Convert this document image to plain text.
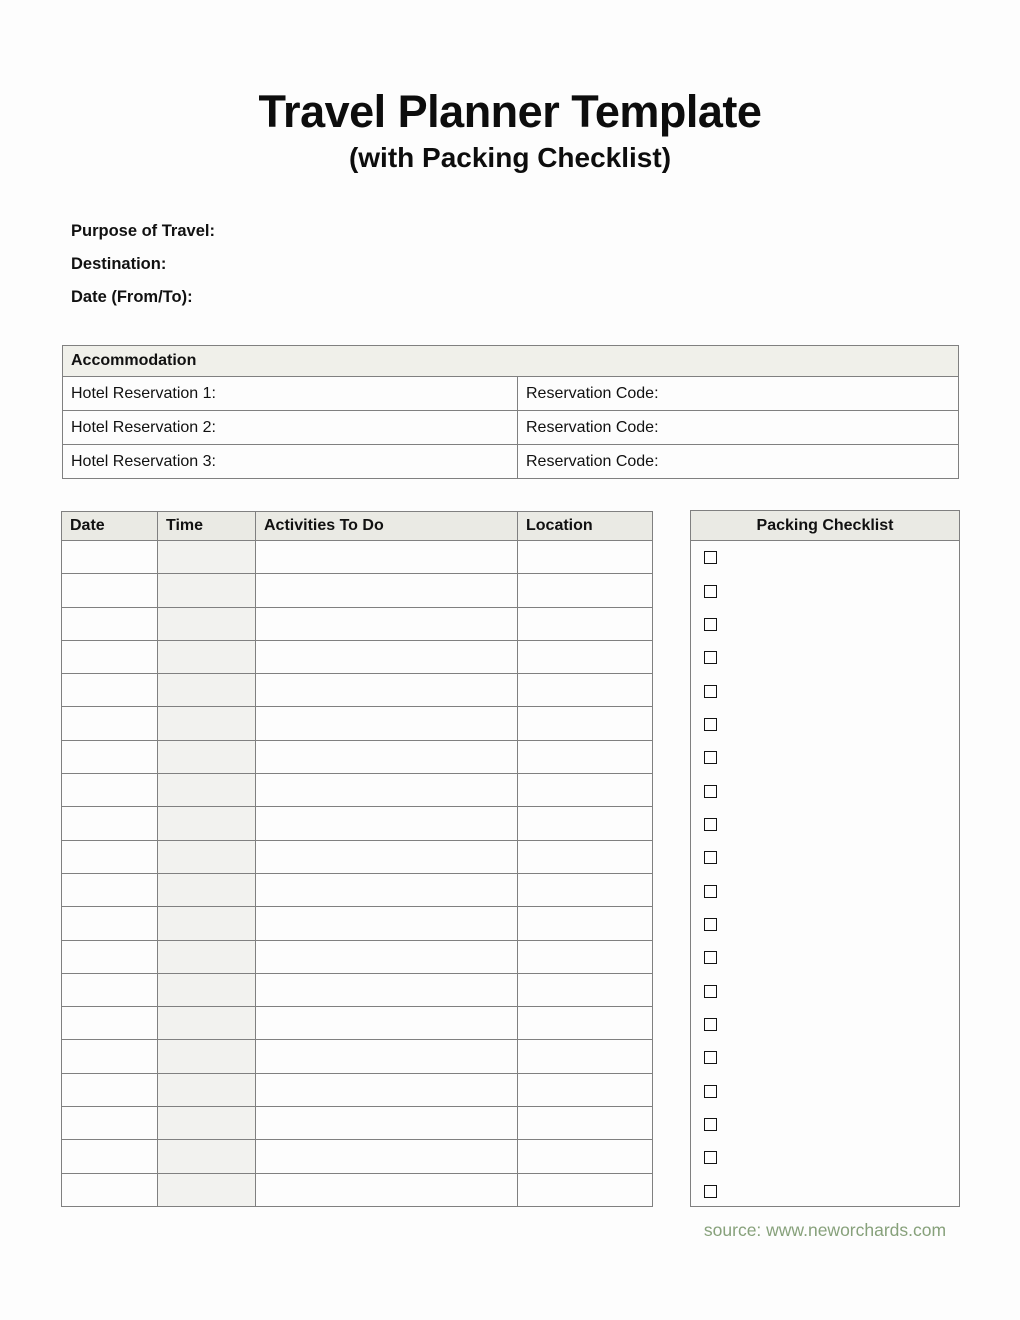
Travel Planner Template
(with Packing Checklist)
Purpose of Travel:
Destination:
Date (From/To):
Accommodation	
Hotel Reservation 1:	Reservation Code:
Hotel Reservation 2:	Reservation Code:
Hotel Reservation 3:	Reservation Code:
Date	Time	Activities To Do	Location

				Packing Checklist
source: www.neworchards.com
